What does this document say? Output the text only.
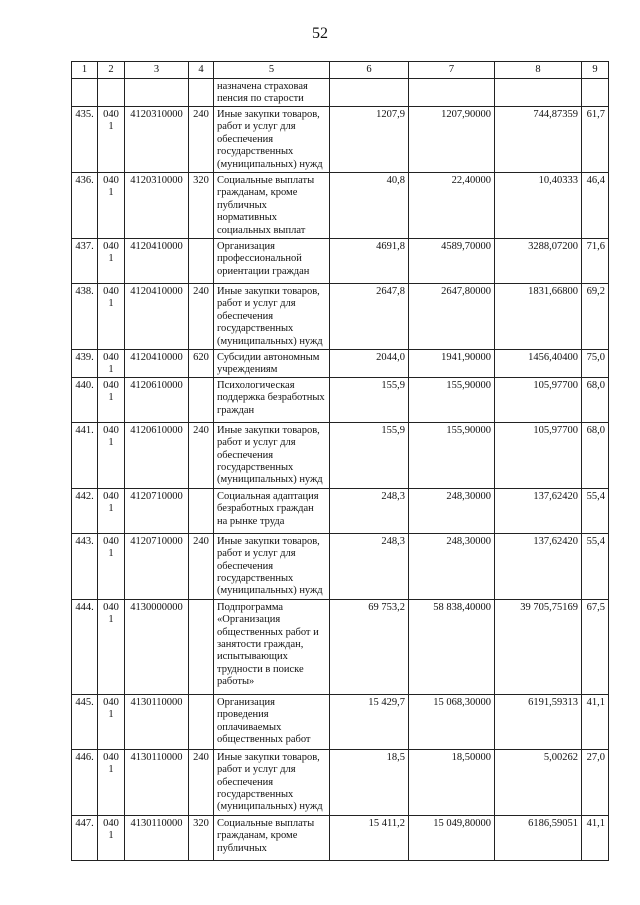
52
1	2	3	4	5	6	7	8	9
				назначена страховая пенсия по старости				
435.	0401	4120310000	240	Иные закупки товаров, работ и услуг для обеспечения государственных (муниципальных) нужд	1207,9	1207,90000	744,87359	61,7
436.	0401	4120310000	320	Социальные выплаты гражданам, кроме публичных нормативных социальных выплат	40,8	22,40000	10,40333	46,4
437.	0401	4120410000		Организация профессиональной ориентации граждан	4691,8	4589,70000	3288,07200	71,6
438.	0401	4120410000	240	Иные закупки товаров, работ и услуг для обеспечения государственных (муниципальных) нужд	2647,8	2647,80000	1831,66800	69,2
439.	0401	4120410000	620	Субсидии автономным учреждениям	2044,0	1941,90000	1456,40400	75,0
440.	0401	4120610000		Психологическая поддержка безработных граждан	155,9	155,90000	105,97700	68,0
441.	0401	4120610000	240	Иные закупки товаров, работ и услуг для обеспечения государственных (муниципальных) нужд	155,9	155,90000	105,97700	68,0
442.	0401	4120710000		Социальная адаптация безработных граждан на рынке труда	248,3	248,30000	137,62420	55,4
443.	0401	4120710000	240	Иные закупки товаров, работ и услуг для обеспечения государственных (муниципальных) нужд	248,3	248,30000	137,62420	55,4
444.	0401	4130000000		Подпрограмма «Организация общественных работ и занятости граждан, испытывающих трудности в поиске работы»	69 753,2	58 838,40000	39 705,75169	67,5
445.	0401	4130110000		Организация проведения оплачиваемых общественных работ	15 429,7	15 068,30000	6191,59313	41,1
446.	0401	4130110000	240	Иные закупки товаров, работ и услуг для обеспечения государственных (муниципальных) нужд	18,5	18,50000	5,00262	27,0
447.	0401	4130110000	320	Социальные выплаты гражданам, кроме публичных	15 411,2	15 049,80000	6186,59051	41,1
